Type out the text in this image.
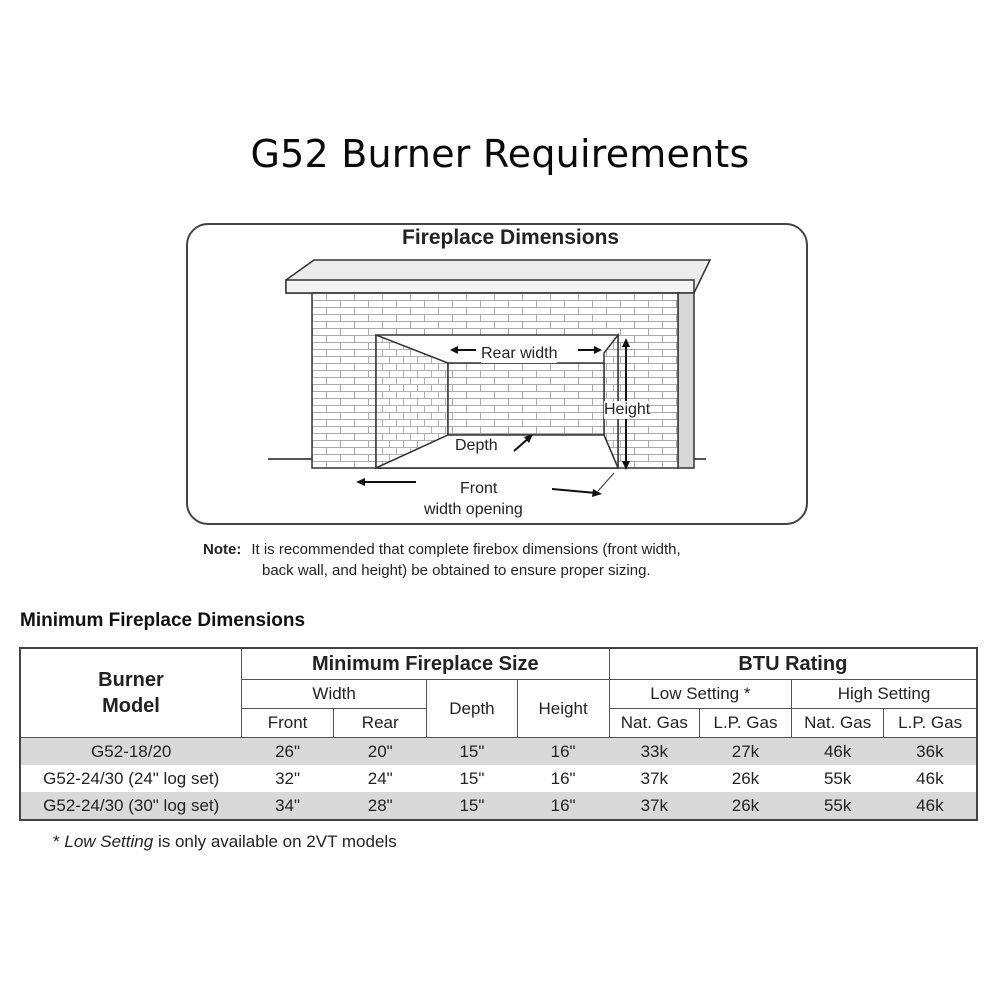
G52 Burner Requirements
Fireplace Dimensions
Rear width
Height
Depth
Front
width opening
Note: It is recommended that complete firebox dimensions (front width,
back wall, and height) be obtained to ensure proper sizing.
Minimum Fireplace Dimensions
Burner Model	Minimum Fireplace Size				BTU Rating			
	Width		Depth	Height	Low Setting *		High Setting	
	Front	Rear			Nat. Gas	L.P. Gas	Nat. Gas	L.P. Gas
G52-18/20	26"	20"	15"	16"	33k	27k	46k	36k
G52-24/30 (24" log set)	32"	24"	15"	16"	37k	26k	55k	46k
G52-24/30 (30" log set)	34"	28"	15"	16"	37k	26k	55k	46k
* Low Setting is only available on 2VT models
